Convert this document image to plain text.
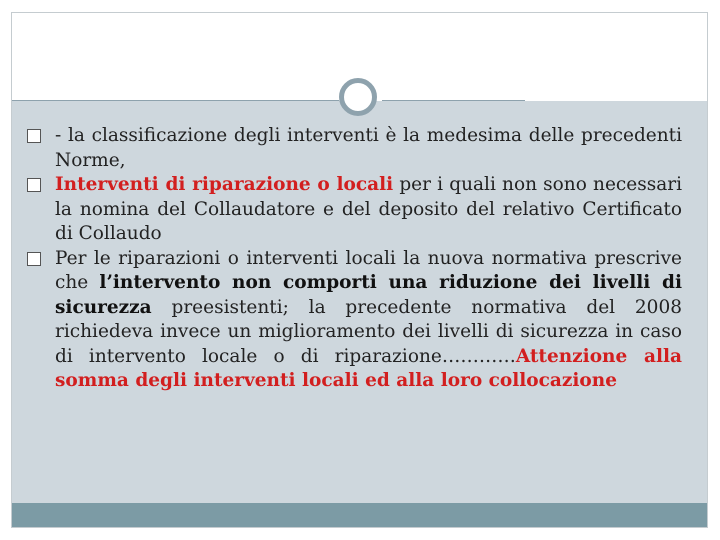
- la classificazione degli interventi è la medesima delle precedenti Norme,

Interventi di riparazione o locali per i quali non sono necessari la nomina del Collaudatore e del deposito del relativo Certificato di Collaudo

Per le riparazioni o interventi locali la nuova normativa prescrive che l’intervento non comporti una riduzione dei livelli di sicurezza preesistenti; la precedente normativa del 2008 richiedeva invece un miglioramento dei livelli di sicurezza in caso di intervento locale o di riparazione…………Attenzione alla somma degli interventi locali ed alla loro collocazione
